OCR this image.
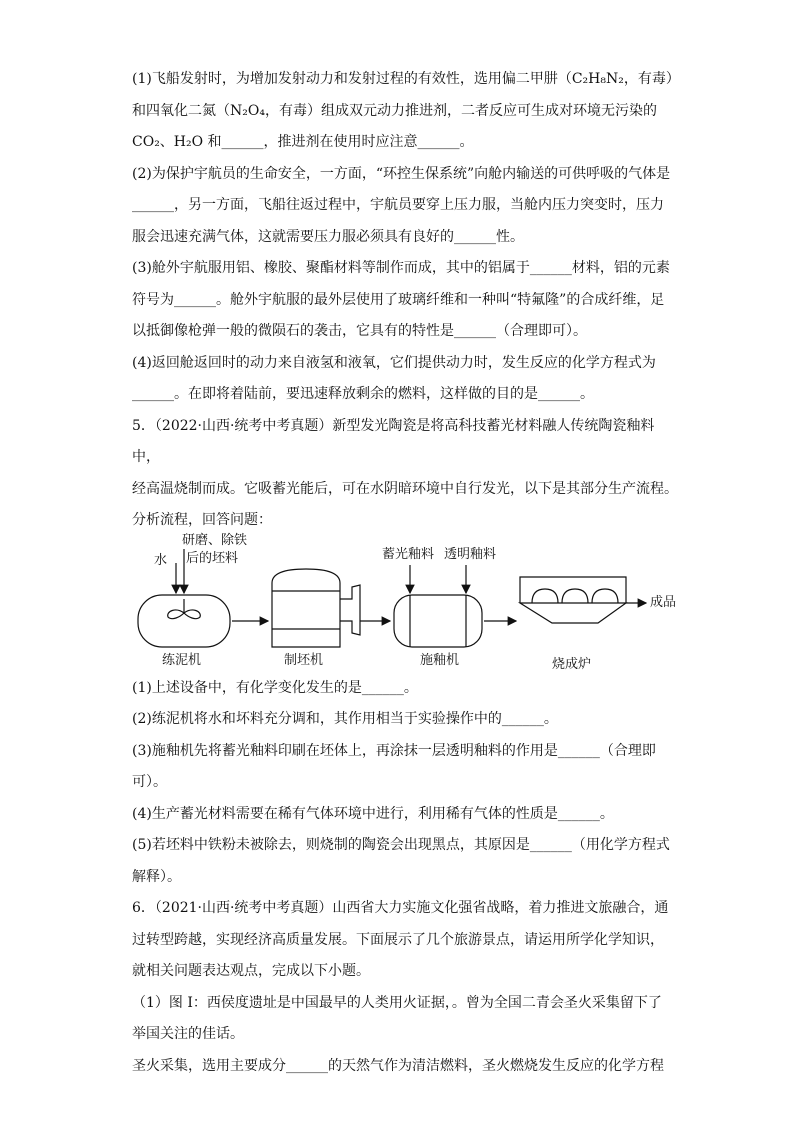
(1)飞船发射时，为增加发射动力和发射过程的有效性，选用偏二甲肼（C₂H₈N₂，有毒）

和四氧化二氮（N₂O₄，有毒）组成双元动力推进剂，二者反应可生成对环境无污染的

CO₂、H₂O 和______，推进剂在使用时应注意______。

(2)为保护宇航员的生命安全，一方面，“环控生保系统”向舱内输送的可供呼吸的气体是

______，另一方面，飞船往返过程中，宇航员要穿上压力服，当舱内压力突变时，压力

服会迅速充满气体，这就需要压力服必须具有良好的______性。

(3)舱外宇航服用铝、橡胶、聚酯材料等制作而成，其中的铝属于______材料，铝的元素

符号为______。舱外宇航服的最外层使用了玻璃纤维和一种叫“特氟隆”的合成纤维，足

以抵御像枪弹一般的微陨石的袭击，它具有的特性是______（合理即可）。

(4)返回舱返回时的动力来自液氢和液氧，它们提供动力时，发生反应的化学方程式为

______。在即将着陆前，要迅速释放剩余的燃料，这样做的目的是______。

5．（2022·山西·统考中考真题）新型发光陶瓷是将高科技蓄光材料融人传统陶瓷釉料中，

经高温烧制而成。它吸蓄光能后，可在水阴暗环境中自行发光，以下是其部分生产流程。

分析流程，回答问题：

水
研磨、除铁
后的坯料	蓄光釉料 透明釉料
练泥机	制坯机	施釉机	烧成炉
成品

(1)上述设备中，有化学变化发生的是______。

(2)练泥机将水和坏料充分调和，其作用相当于实验操作中的______。

(3)施釉机先将蓄光釉料印刷在坯体上，再涂抹一层透明釉料的作用是______（合理即

可）。

(4)生产蓄光材料需要在稀有气体环境中进行，利用稀有气体的性质是______。

(5)若坯料中铁粉未被除去，则烧制的陶瓷会出现黑点，其原因是______（用化学方程式

解释）。

6．（2021·山西·统考中考真题）山西省大力实施文化强省战略，着力推进文旅融合，通

过转型跨越，实现经济高质量发展。下面展示了几个旅游景点，请运用所学化学知识，

就相关问题表达观点，完成以下小题。

（1）图 I：西侯度遗址是中国最早的人类用火证据，。曾为全国二青会圣火采集留下了

举国关注的佳话。

圣火采集，选用主要成分______的天然气作为清洁燃料，圣火燃烧发生反应的化学方程
